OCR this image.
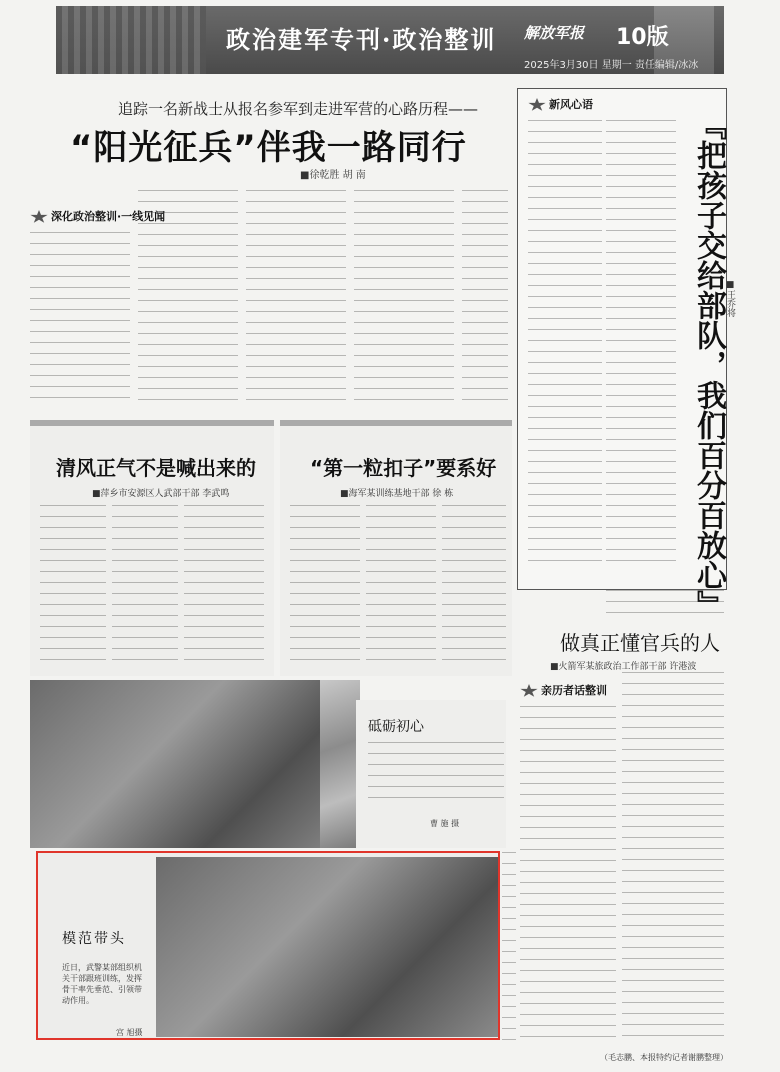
政治建军专刊·政治整训 解放军报 10版
2025年3月30日 星期一 责任编辑/冰冰
追踪一名新战士从报名参军到走进军营的心路历程——
“阳光征兵”伴我一路同行
■徐乾胜 胡 南
深化政治整训·一线见闻
新风心语
『把孩子交给部队，我们百分百放心』 ■王乔将
清风正气不是喊出来的
■萍乡市安源区人武部干部 李武鸣
“第一粒扣子”要系好
■海军某训练基地干部 徐 栋
做真正懂官兵的人
■火箭军某旅政治工作部干部 许港波
亲历者话整训
砥砺初心
曹 施 摄
模范带头
近日，武警某部组织机关干部跟班训练，发挥骨干率先垂范、引领带动作用。
宫 旭摄
（毛志鹏、本报特约记者谢鹏整理）
